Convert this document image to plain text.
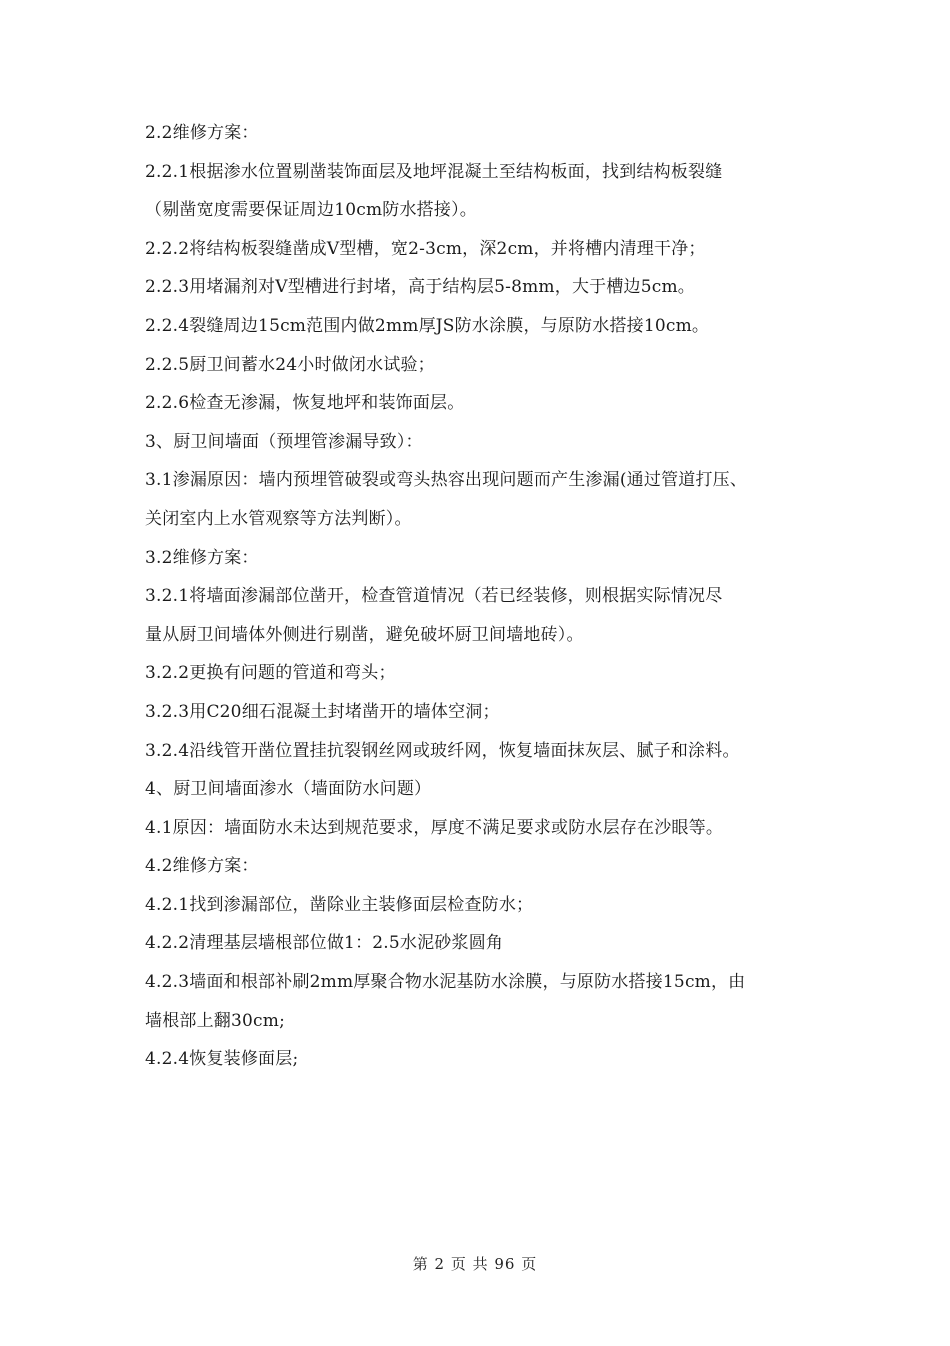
2.2维修方案：
2.2.1根据渗水位置剔凿装饰面层及地坪混凝土至结构板面，找到结构板裂缝
（剔凿宽度需要保证周边10cm防水搭接）。
2.2.2将结构板裂缝凿成V型槽，宽2-3cm，深2cm，并将槽内清理干净；
2.2.3用堵漏剂对V型槽进行封堵，高于结构层5-8mm，大于槽边5cm。
2.2.4裂缝周边15cm范围内做2mm厚JS防水涂膜，与原防水搭接10cm。
2.2.5厨卫间蓄水24小时做闭水试验；
2.2.6检查无渗漏，恢复地坪和装饰面层。
3、厨卫间墙面（预埋管渗漏导致）：
3.1渗漏原因：墙内预埋管破裂或弯头热容出现问题而产生渗漏(通过管道打压、
关闭室内上水管观察等方法判断）。
3.2维修方案：
3.2.1将墙面渗漏部位凿开，检查管道情况（若已经装修，则根据实际情况尽
量从厨卫间墙体外侧进行剔凿，避免破坏厨卫间墙地砖）。
3.2.2更换有问题的管道和弯头；
3.2.3用C20细石混凝土封堵凿开的墙体空洞；
3.2.4沿线管开凿位置挂抗裂钢丝网或玻纤网，恢复墙面抹灰层、腻子和涂料。
4、厨卫间墙面渗水（墙面防水问题）
4.1原因：墙面防水未达到规范要求，厚度不满足要求或防水层存在沙眼等。
4.2维修方案：
4.2.1找到渗漏部位，凿除业主装修面层检查防水；
4.2.2清理基层墙根部位做1：2.5水泥砂浆圆角
4.2.3墙面和根部补刷2mm厚聚合物水泥基防水涂膜，与原防水搭接15cm，由
墙根部上翻30cm;
4.2.4恢复装修面层;
第 2 页 共 96 页
